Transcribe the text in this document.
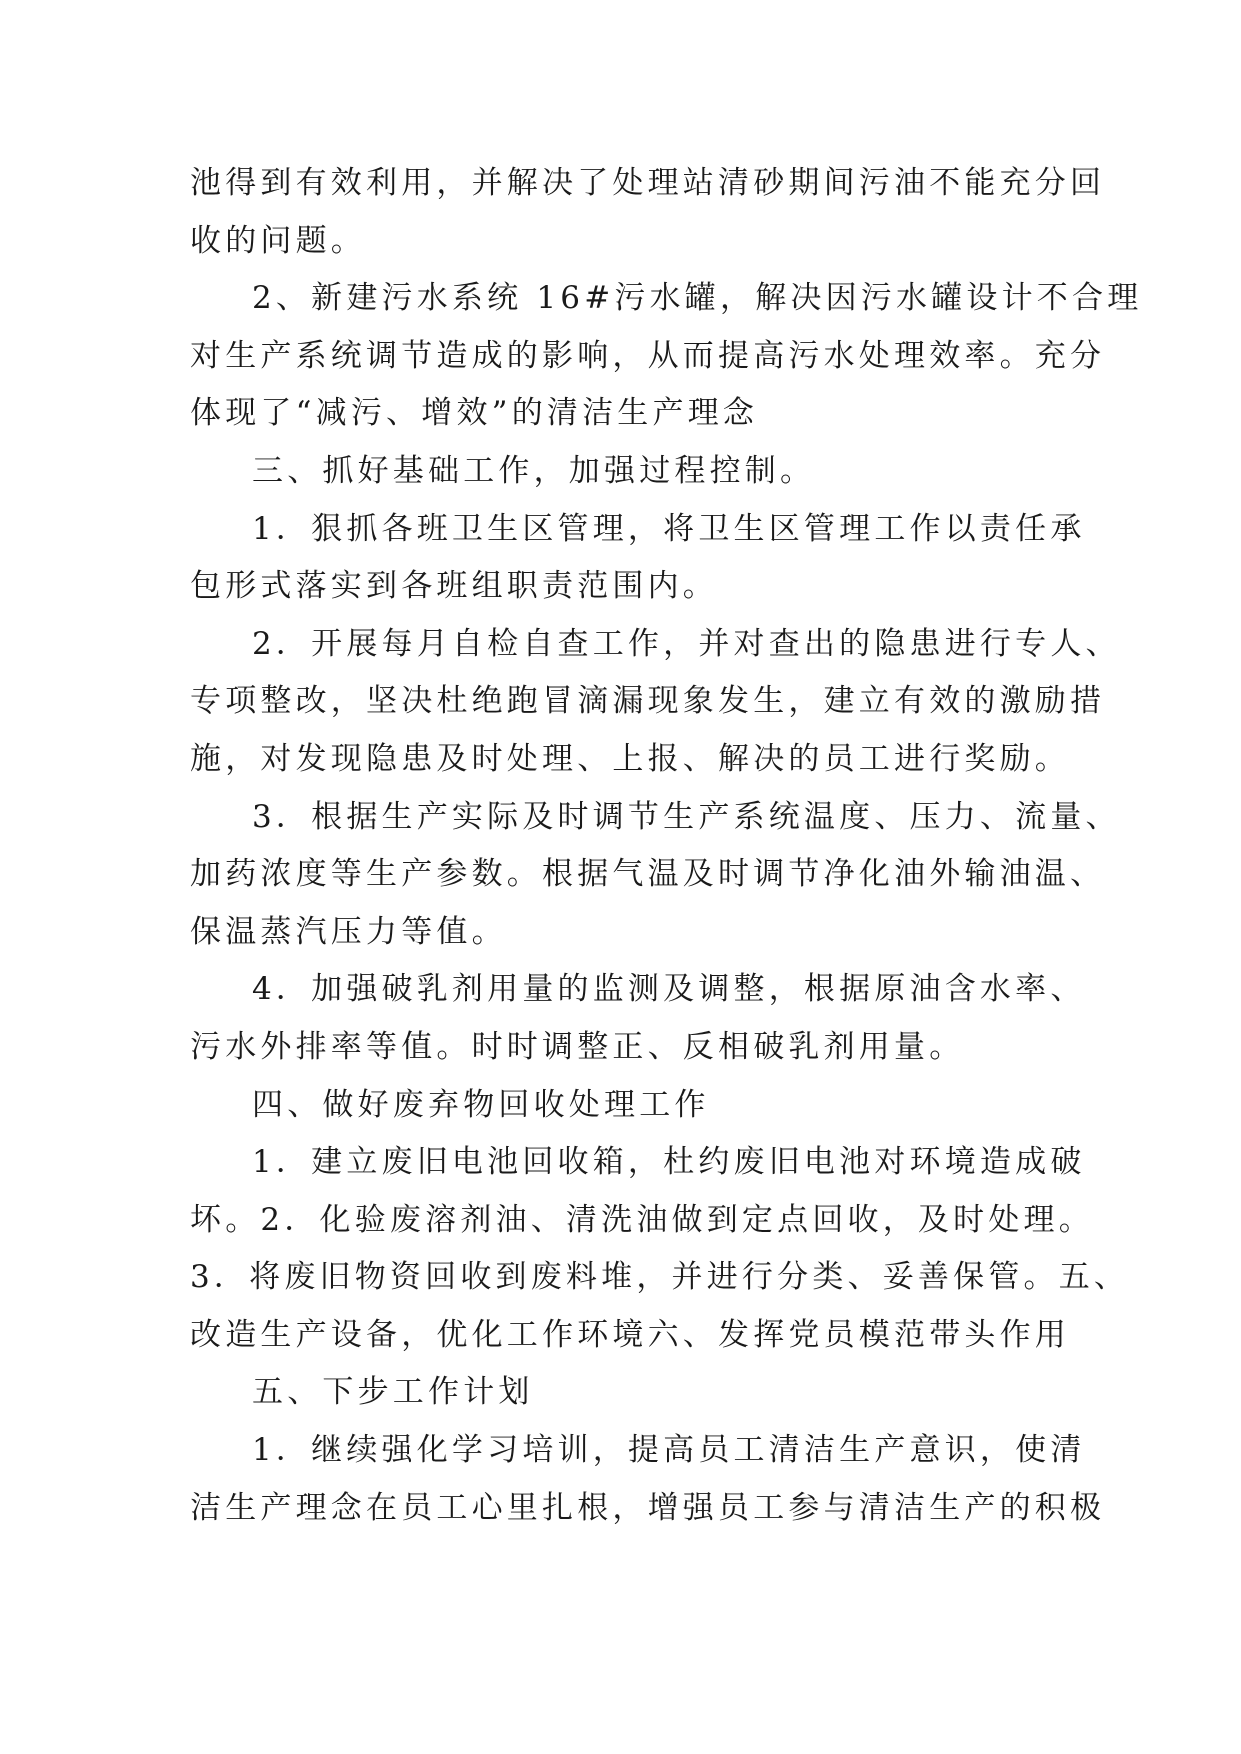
池得到有效利用，并解决了处理站清砂期间污油不能充分回
收的问题。
2、新建污水系统 16#污水罐，解决因污水罐设计不合理
对生产系统调节造成的影响，从而提高污水处理效率。充分
体现了“减污、增效”的清洁生产理念
三、抓好基础工作，加强过程控制。
1．狠抓各班卫生区管理，将卫生区管理工作以责任承
包形式落实到各班组职责范围内。
2．开展每月自检自查工作，并对查出的隐患进行专人、
专项整改，坚决杜绝跑冒滴漏现象发生，建立有效的激励措
施，对发现隐患及时处理、上报、解决的员工进行奖励。
3．根据生产实际及时调节生产系统温度、压力、流量、
加药浓度等生产参数。根据气温及时调节净化油外输油温、
保温蒸汽压力等值。
4．加强破乳剂用量的监测及调整，根据原油含水率、
污水外排率等值。时时调整正、反相破乳剂用量。
四、做好废弃物回收处理工作
1．建立废旧电池回收箱，杜约废旧电池对环境造成破
坏。2．化验废溶剂油、清洗油做到定点回收，及时处理。
3．将废旧物资回收到废料堆，并进行分类、妥善保管。五、
改造生产设备，优化工作环境六、发挥党员模范带头作用
五、下步工作计划
1．继续强化学习培训，提高员工清洁生产意识，使清
洁生产理念在员工心里扎根，增强员工参与清洁生产的积极
